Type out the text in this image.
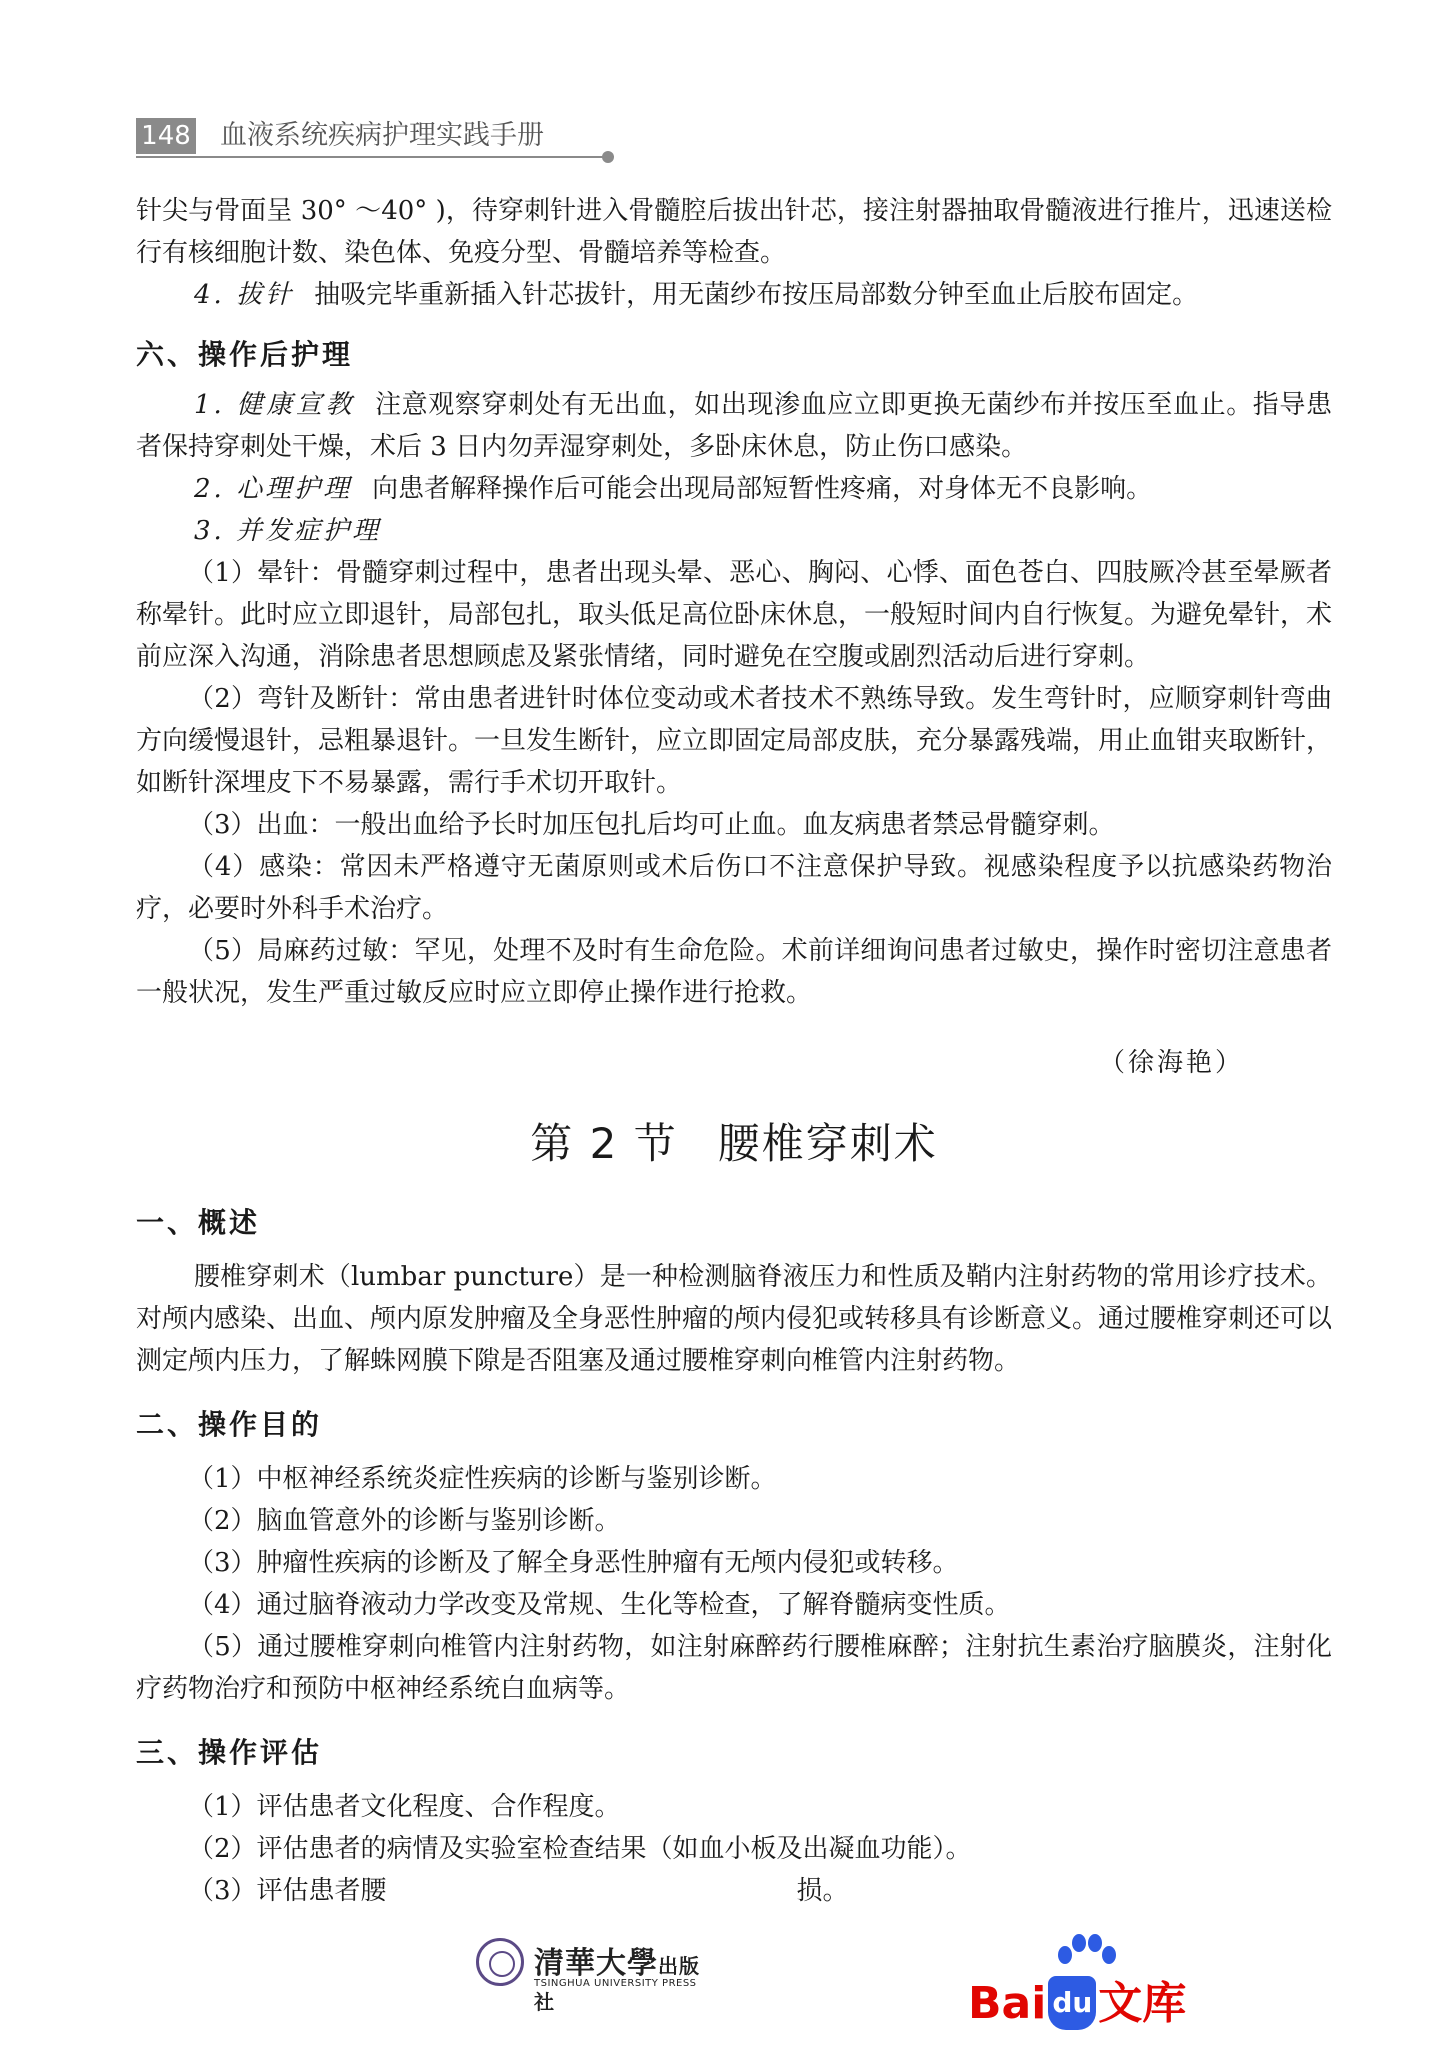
148 血液系统疾病护理实践手册

针尖与骨面呈 30° ～40° )，待穿刺针进入骨髓腔后拔出针芯，接注射器抽取骨髓液进行推片，迅速送检行有核细胞计数、染色体、免疫分型、骨髓培养等检查。

4. 拔针 抽吸完毕重新插入针芯拔针，用无菌纱布按压局部数分钟至血止后胶布固定。

六、操作后护理

1. 健康宣教 注意观察穿刺处有无出血，如出现渗血应立即更换无菌纱布并按压至血止。指导患者保持穿刺处干燥，术后 3 日内勿弄湿穿刺处，多卧床休息，防止伤口感染。

2. 心理护理 向患者解释操作后可能会出现局部短暂性疼痛，对身体无不良影响。

3. 并发症护理

（1）晕针：骨髓穿刺过程中，患者出现头晕、恶心、胸闷、心悸、面色苍白、四肢厥冷甚至晕厥者称晕针。此时应立即退针，局部包扎，取头低足高位卧床休息，一般短时间内自行恢复。为避免晕针，术前应深入沟通，消除患者思想顾虑及紧张情绪，同时避免在空腹或剧烈活动后进行穿刺。

（2）弯针及断针：常由患者进针时体位变动或术者技术不熟练导致。发生弯针时，应顺穿刺针弯曲方向缓慢退针，忌粗暴退针。一旦发生断针，应立即固定局部皮肤，充分暴露残端，用止血钳夹取断针，如断针深埋皮下不易暴露，需行手术切开取针。

（3）出血：一般出血给予长时加压包扎后均可止血。血友病患者禁忌骨髓穿刺。

（4）感染：常因未严格遵守无菌原则或术后伤口不注意保护导致。视感染程度予以抗感染药物治疗，必要时外科手术治疗。

（5）局麻药过敏：罕见，处理不及时有生命危险。术前详细询问患者过敏史，操作时密切注意患者一般状况，发生严重过敏反应时应立即停止操作进行抢救。

（徐海艳）
第 2 节 腰椎穿刺术
一、概述

腰椎穿刺术（lumbar puncture）是一种检测脑脊液压力和性质及鞘内注射药物的常用诊疗技术。对颅内感染、出血、颅内原发肿瘤及全身恶性肿瘤的颅内侵犯或转移具有诊断意义。通过腰椎穿刺还可以测定颅内压力，了解蛛网膜下隙是否阻塞及通过腰椎穿刺向椎管内注射药物。

二、操作目的

（1）中枢神经系统炎症性疾病的诊断与鉴别诊断。

（2）脑血管意外的诊断与鉴别诊断。

（3）肿瘤性疾病的诊断及了解全身恶性肿瘤有无颅内侵犯或转移。

（4）通过脑脊液动力学改变及常规、生化等检查，了解脊髓病变性质。

（5）通过腰椎穿刺向椎管内注射药物，如注射麻醉药行腰椎麻醉；注射抗生素治疗脑膜炎，注射化疗药物治疗和预防中枢神经系统白血病等。

三、操作评估

（1）评估患者文化程度、合作程度。

（2）评估患者的病情及实验室检查结果（如血小板及出凝血功能）。

（3）评估患者腰	损。

清華大學出版社
TSINGHUA UNIVERSITY PRESS	Bai du 文库
